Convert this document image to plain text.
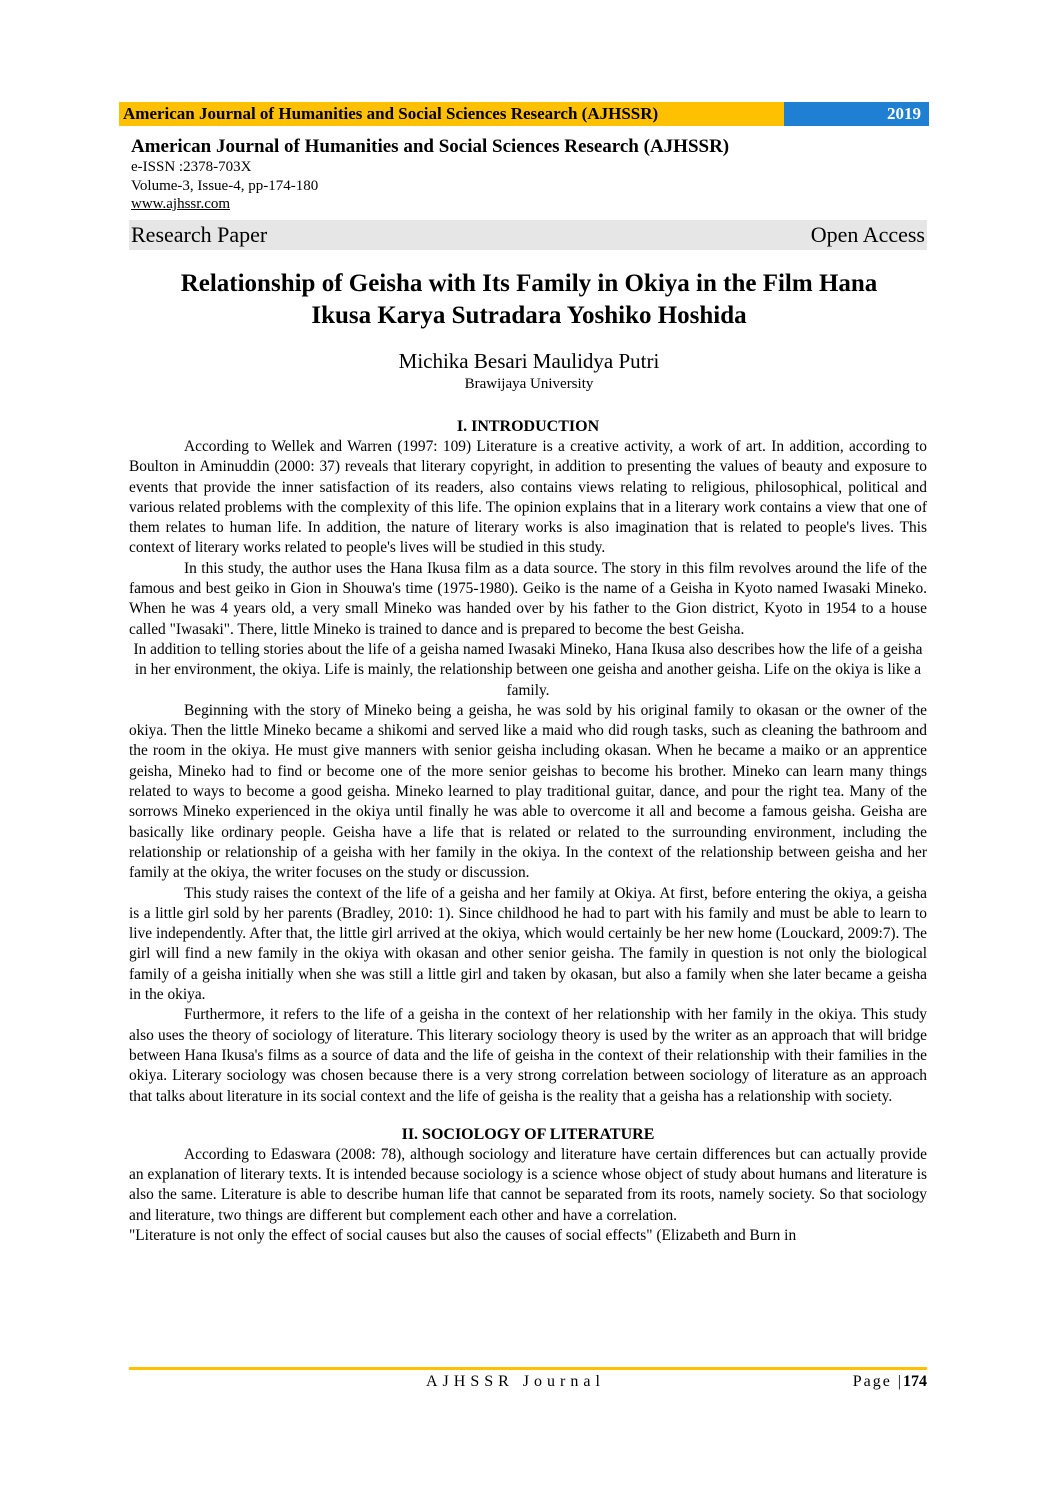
American Journal of Humanities and Social Sciences Research (AJHSSR)	2019
American Journal of Humanities and Social Sciences Research (AJHSSR)
e-ISSN :2378-703X
Volume-3, Issue-4, pp-174-180
www.ajhssr.com
Research Paper	Open Access
Relationship of Geisha with Its Family in Okiya in the Film Hana
Ikusa Karya Sutradara Yoshiko Hoshida
Michika Besari Maulidya Putri
Brawijaya University
I. INTRODUCTION

According to Wellek and Warren (1997: 109) Literature is a creative activity, a work of art. In addition, according to Boulton in Aminuddin (2000: 37) reveals that literary copyright, in addition to presenting the values of beauty and exposure to events that provide the inner satisfaction of its readers, also contains views relating to religious, philosophical, political and various related problems with the complexity of this life. The opinion explains that in a literary work contains a view that one of them relates to human life. In addition, the nature of literary works is also imagination that is related to people's lives. This context of literary works related to people's lives will be studied in this study.

In this study, the author uses the Hana Ikusa film as a data source. The story in this film revolves around the life of the famous and best geiko in Gion in Shouwa's time (1975-1980). Geiko is the name of a Geisha in Kyoto named Iwasaki Mineko. When he was 4 years old, a very small Mineko was handed over by his father to the Gion district, Kyoto in 1954 to a house called "Iwasaki". There, little Mineko is trained to dance and is prepared to become the best Geisha.

In addition to telling stories about the life of a geisha named Iwasaki Mineko, Hana Ikusa also describes how the life of a geisha in her environment, the okiya. Life is mainly, the relationship between one geisha and another geisha. Life on the okiya is like a family.

Beginning with the story of Mineko being a geisha, he was sold by his original family to okasan or the owner of the okiya. Then the little Mineko became a shikomi and served like a maid who did rough tasks, such as cleaning the bathroom and the room in the okiya. He must give manners with senior geisha including okasan. When he became a maiko or an apprentice geisha, Mineko had to find or become one of the more senior geishas to become his brother. Mineko can learn many things related to ways to become a good geisha. Mineko learned to play traditional guitar, dance, and pour the right tea. Many of the sorrows Mineko experienced in the okiya until finally he was able to overcome it all and become a famous geisha. Geisha are basically like ordinary people. Geisha have a life that is related or related to the surrounding environment, including the relationship or relationship of a geisha with her family in the okiya. In the context of the relationship between geisha and her family at the okiya, the writer focuses on the study or discussion.

This study raises the context of the life of a geisha and her family at Okiya. At first, before entering the okiya, a geisha is a little girl sold by her parents (Bradley, 2010: 1). Since childhood he had to part with his family and must be able to learn to live independently. After that, the little girl arrived at the okiya, which would certainly be her new home (Louckard, 2009:7). The girl will find a new family in the okiya with okasan and other senior geisha. The family in question is not only the biological family of a geisha initially when she was still a little girl and taken by okasan, but also a family when she later became a geisha in the okiya.

Furthermore, it refers to the life of a geisha in the context of her relationship with her family in the okiya. This study also uses the theory of sociology of literature. This literary sociology theory is used by the writer as an approach that will bridge between Hana Ikusa's films as a source of data and the life of geisha in the context of their relationship with their families in the okiya. Literary sociology was chosen because there is a very strong correlation between sociology of literature as an approach that talks about literature in its social context and the life of geisha is the reality that a geisha has a relationship with society.

II. SOCIOLOGY OF LITERATURE

According to Edaswara (2008: 78), although sociology and literature have certain differences but can actually provide an explanation of literary texts. It is intended because sociology is a science whose object of study about humans and literature is also the same. Literature is able to describe human life that cannot be separated from its roots, namely society. So that sociology and literature, two things are different but complement each other and have a correlation.

"Literature is not only the effect of social causes but also the causes of social effects" (Elizabeth and Burn in

AJHSSR Journal	Page |174
